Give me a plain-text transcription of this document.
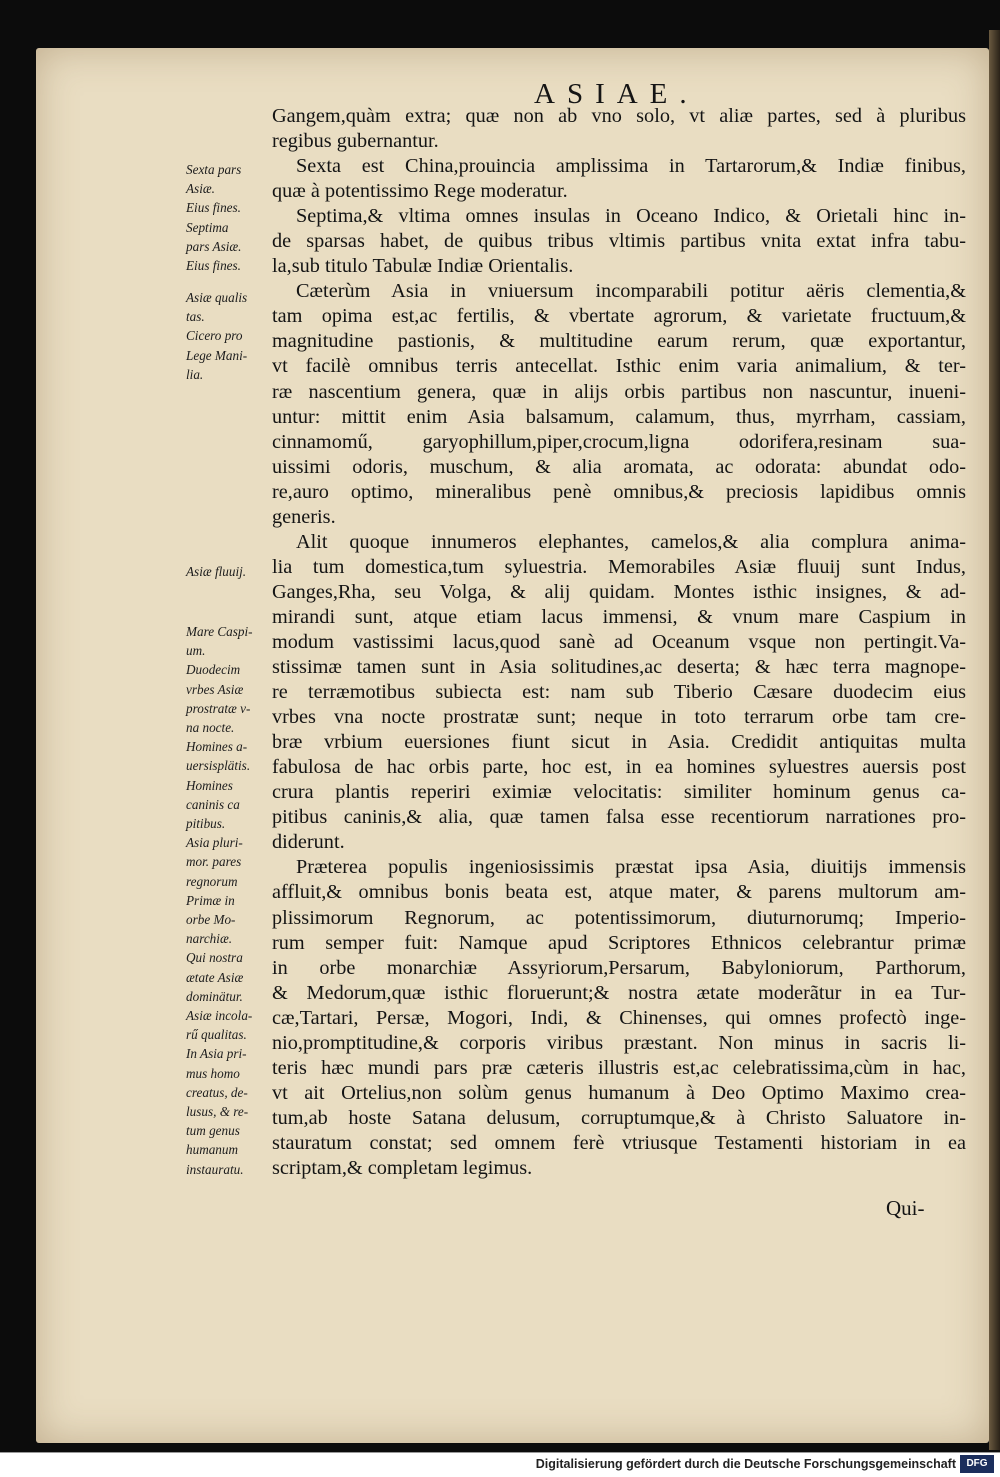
ASIAE.
Sexta pars
Asiæ.
Eius fines.
Septima
pars Asiæ.
Eius fines.
Asiæ qualis
tas.
Cicero pro
Lege Mani-
lia.
Asiæ fluuij.
Mare Caspi-
um.
Duodecim
vrbes Asiæ
prostratæ v-
na nocte.
Homines a-
uersisplätis.
Homines
caninis ca
pitibus.
Asia pluri-
mor. pares
regnorum
Primæ in
orbe Mo-
narchiæ.
Qui nostra
ætate Asiæ
dominätur.
Asiæ incola-
rű qualitas.
In Asia pri-
mus homo
creatus, de-
lusus, & re-
tum genus
humanum
instauratu.

Gangem,quàm extra; quæ non ab vno solo, vt aliæ partes, sed à pluribus
regibus gubernantur.

Sexta est China,prouincia amplissima in Tartarorum,& Indiæ finibus,
quæ à potentissimo Rege moderatur.

Septima,& vltima omnes insulas in Oceano Indico, & Orietali hinc in-
de sparsas habet, de quibus tribus vltimis partibus vnita extat infra tabu-
la,sub titulo Tabulæ Indiæ Orientalis.

Cæterùm Asia in vniuersum incomparabili potitur aëris clementia,&
tam opima est,ac fertilis, & vbertate agrorum, & varietate fructuum,&
magnitudine pastionis, & multitudine earum rerum, quæ exportantur,
vt facilè omnibus terris antecellat. Isthic enim varia animalium, & ter-
ræ nascentium genera, quæ in alijs orbis partibus non nascuntur, inueni-
untur: mittit enim Asia balsamum, calamum, thus, myrrham, cassiam,
cinnamomű, garyophillum,piper,crocum,ligna odorifera,resinam sua-
uissimi odoris, muschum, & alia aromata, ac odorata: abundat odo-
re,auro optimo, mineralibus penè omnibus,& preciosis lapidibus omnis
generis.

Alit quoque innumeros elephantes, camelos,& alia complura anima-
lia tum domestica,tum syluestria. Memorabiles Asiæ fluuij sunt Indus,
Ganges,Rha, seu Volga, & alij quidam. Montes isthic insignes, & ad-
mirandi sunt, atque etiam lacus immensi, & vnum mare Caspium in
modum vastissimi lacus,quod sanè ad Oceanum vsque non pertingit.Va-
stissimæ tamen sunt in Asia solitudines,ac deserta; & hæc terra magnope-
re terræmotibus subiecta est: nam sub Tiberio Cæsare duodecim eius
vrbes vna nocte prostratæ sunt; neque in toto terrarum orbe tam cre-
bræ vrbium euersiones fiunt sicut in Asia. Credidit antiquitas multa
fabulosa de hac orbis parte, hoc est, in ea homines syluestres auersis post
crura plantis reperiri eximiæ velocitatis: similiter hominum genus ca-
pitibus caninis,& alia, quæ tamen falsa esse recentiorum narrationes pro-
diderunt.

Præterea populis ingeniosissimis præstat ipsa Asia, diuitijs immensis
affluit,& omnibus bonis beata est, atque mater, & parens multorum am-
plissimorum Regnorum, ac potentissimorum, diuturnorumq; Imperio-
rum semper fuit: Namque apud Scriptores Ethnicos celebrantur primæ
in orbe monarchiæ Assyriorum,Persarum, Babyloniorum, Parthorum,
& Medorum,quæ isthic floruerunt;& nostra ætate moderãtur in ea Tur-
cæ,Tartari, Persæ, Mogori, Indi, & Chinenses, qui omnes profectò inge-
nio,promptitudine,& corporis viribus præstant. Non minus in sacris li-
teris hæc mundi pars præ cæteris illustris est,ac celebratissima,cùm in hac,
vt ait Ortelius,non solùm genus humanum à Deo Optimo Maximo crea-
tum,ab hoste Satana delusum, corruptumque,& à Christo Saluatore in-
stauratum constat; sed omnem ferè vtriusque Testamenti historiam in ea
scriptam,& completam legimus.

Qui-
Digitalisierung gefördert durch die Deutsche Forschungsgemeinschaft	DFG
